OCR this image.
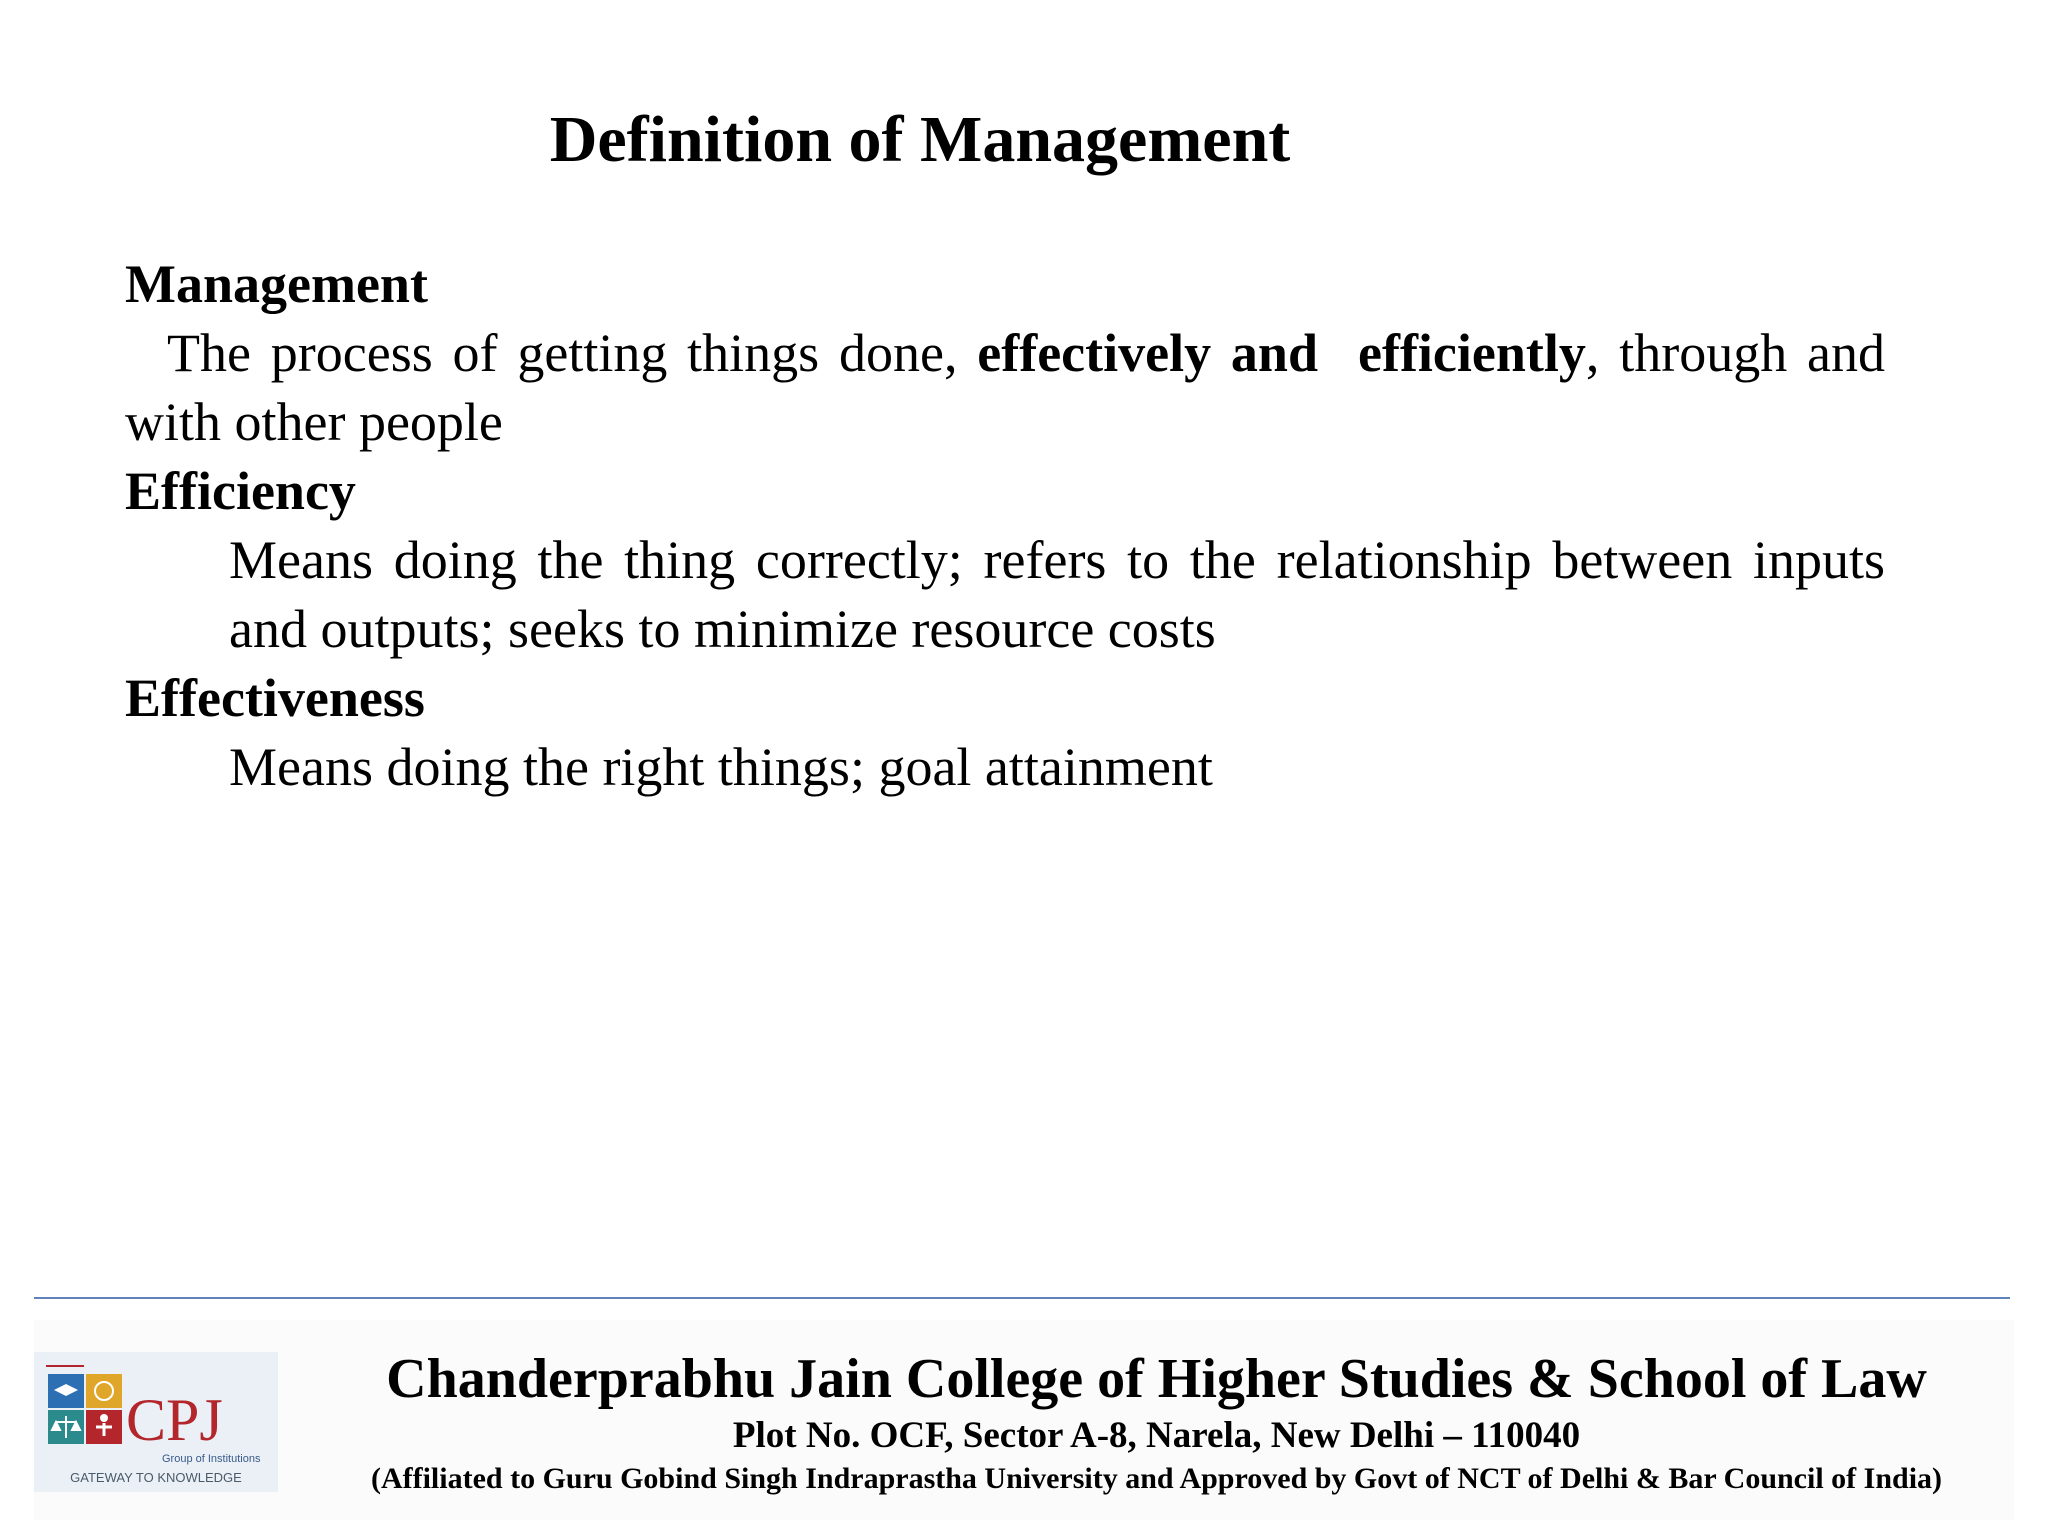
Definition of Management
Management
The process of getting things done, effectively and efficiently, through and with other people
Efficiency
Means doing the thing correctly; refers to the relationship between inputs and outputs; seeks to minimize resource costs
Effectiveness
Means doing the right things; goal attainment
CPJ
Group of Institutions
GATEWAY TO KNOWLEDGE
Chanderprabhu Jain College of Higher Studies & School of Law
Plot No. OCF, Sector A-8, Narela, New Delhi – 110040
(Affiliated to Guru Gobind Singh Indraprastha University and Approved by Govt of NCT of Delhi & Bar Council of India)
